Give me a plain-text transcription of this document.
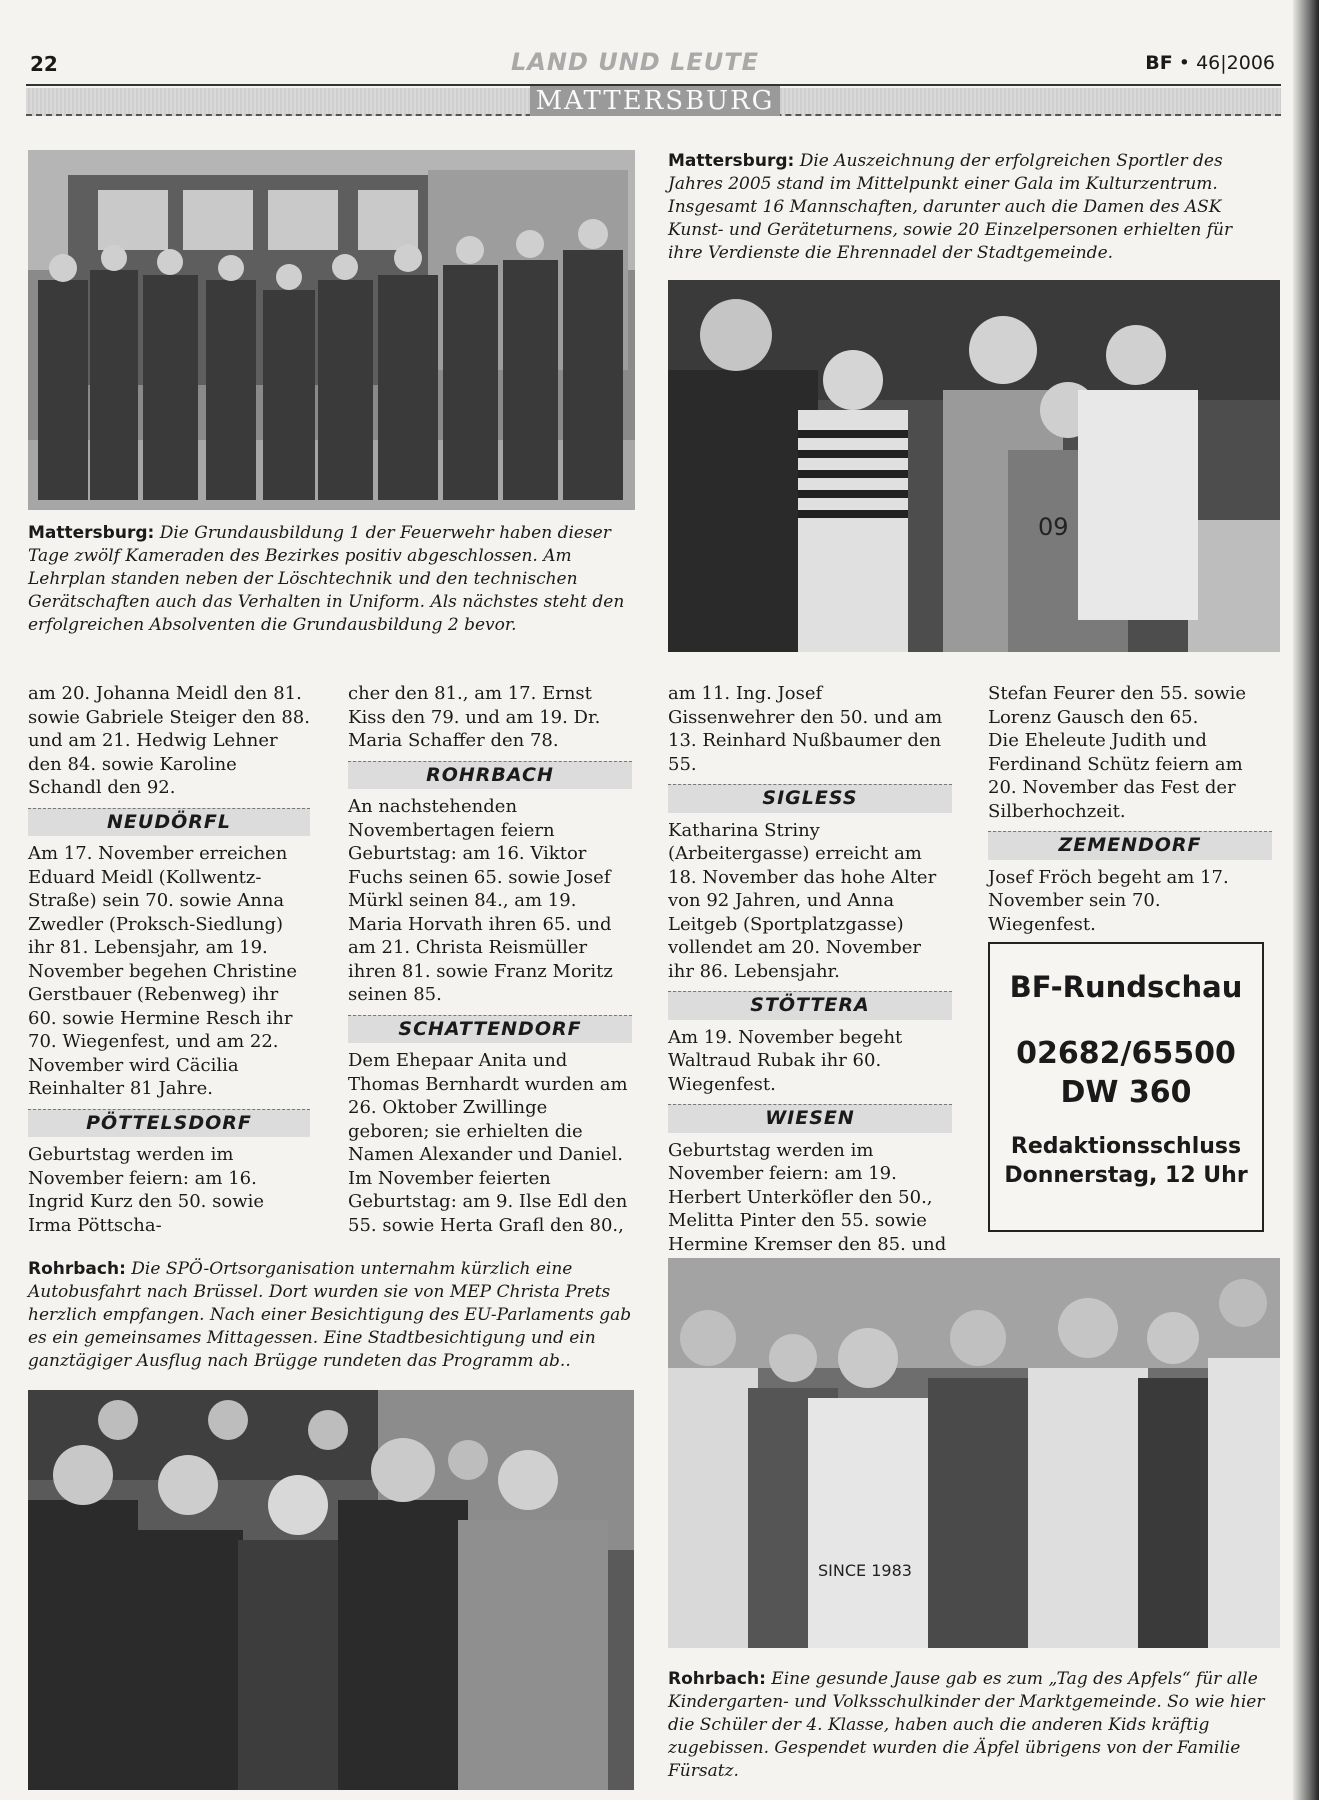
22	LAND UND LEUTE	BF • 46|2006
MATTERSBURG
Mattersburg: Die Grundausbildung 1 der Feuerwehr haben dieser Tage zwölf Kameraden des Bezirkes positiv abgeschlossen. Am Lehrplan standen neben der Löschtechnik und den technischen Gerätschaften auch das Verhalten in Uniform. Als nächstes steht den erfolgreichen Absolventen die Grundausbildung 2 bevor.
Mattersburg: Die Auszeichnung der erfolgreichen Sportler des Jahres 2005 stand im Mittelpunkt einer Gala im Kulturzentrum. Insgesamt 16 Mannschaften, darunter auch die Damen des ASK Kunst- und Geräteturnens, sowie 20 Einzelpersonen erhielten für ihre Verdienste die Ehrennadel der Stadtgemeinde.
09

am 20. Johanna Meidl den 81. sowie Gabriele Steiger den 88. und am 21. Hedwig Lehner den 84. sowie Karoline Schandl den 92.

NEUDÖRFL

Am 17. November erreichen Eduard Meidl (Kollwentz-Straße) sein 70. sowie Anna Zwedler (Proksch-Siedlung) ihr 81. Lebensjahr, am 19. November begehen Christine Gerstbauer (Rebenweg) ihr 60. sowie Hermine Resch ihr 70. Wiegenfest, und am 22. November wird Cäcilia Reinhalter 81 Jahre.

PÖTTELSDORF

Geburtstag werden im November feiern: am 16. Ingrid Kurz den 50. sowie Irma Pöttscha-

cher den 81., am 17. Ernst Kiss den 79. und am 19. Dr. Maria Schaffer den 78.

ROHRBACH

An nachstehenden Novembertagen feiern Geburtstag: am 16. Viktor Fuchs seinen 65. sowie Josef Mürkl seinen 84., am 19. Maria Horvath ihren 65. und am 21. Christa Reismüller ihren 81. sowie Franz Moritz seinen 85.

SCHATTENDORF

Dem Ehepaar Anita und Thomas Bernhardt wurden am 26. Oktober Zwillinge geboren; sie erhielten die Namen Alexander und Daniel.

Im November feierten Geburtstag: am 9. Ilse Edl den 55. sowie Herta Grafl den 80.,

am 11. Ing. Josef Gissenwehrer den 50. und am 13. Reinhard Nußbaumer den 55.

SIGLESS

Katharina Striny (Arbeitergasse) erreicht am 18. November das hohe Alter von 92 Jahren, und Anna Leitgeb (Sportplatzgasse) vollendet am 20. November ihr 86. Lebensjahr.

STÖTTERA

Am 19. November begeht Waltraud Rubak ihr 60. Wiegenfest.

WIESEN

Geburtstag werden im November feiern: am 19. Herbert Unterköfler den 50., Melitta Pinter den 55. sowie Hermine Kremser den 85. und

Stefan Feurer den 55. sowie Lorenz Gausch den 65.

Die Eheleute Judith und Ferdinand Schütz feiern am 20. November das Fest der Silberhochzeit.

ZEMENDORF

Josef Fröch begeht am 17. November sein 70. Wiegenfest.

BF-Rundschau
02682/65500
DW 360
Redaktionsschluss
Donnerstag, 12 Uhr
Rohrbach: Die SPÖ-Ortsorganisation unternahm kürzlich eine Autobusfahrt nach Brüssel. Dort wurden sie von MEP Christa Prets herzlich empfangen. Nach einer Besichtigung des EU-Parlaments gab es ein gemeinsames Mittagessen. Eine Stadtbesichtigung und ein ganztägiger Ausflug nach Brügge rundeten das Programm ab..
SINCE 1983
Rohrbach: Eine gesunde Jause gab es zum „Tag des Apfels“ für alle Kindergarten- und Volksschulkinder der Marktgemeinde. So wie hier die Schüler der 4. Klasse, haben auch die anderen Kids kräftig zugebissen. Gespendet wurden die Äpfel übrigens von der Familie Fürsatz.
